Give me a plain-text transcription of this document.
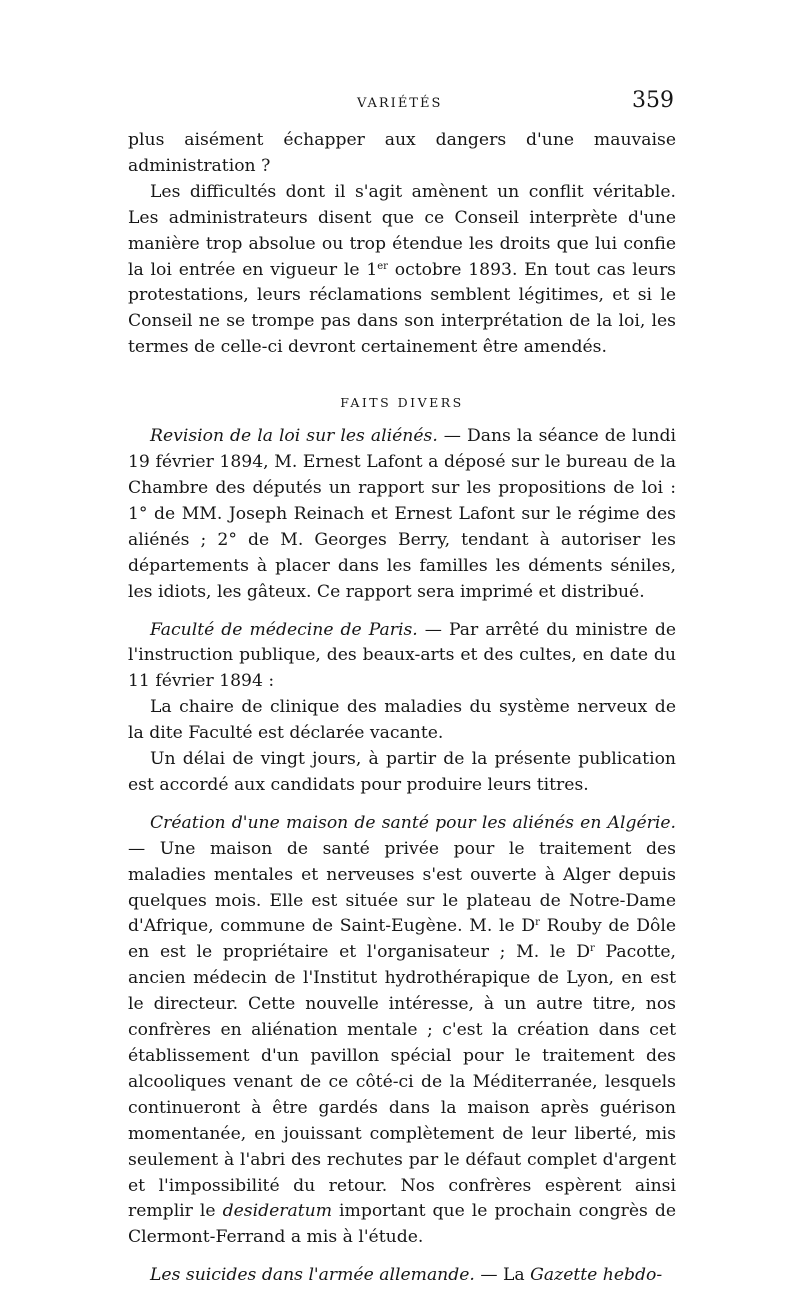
VARIÉTÉS	359

plus aisément échapper aux dangers d'une mauvaise administration ?

Les difficultés dont il s'agit amènent un conflit véritable. Les administrateurs disent que ce Conseil interprète d'une manière trop absolue ou trop étendue les droits que lui confie la loi entrée en vigueur le 1er octobre 1893. En tout cas leurs protestations, leurs réclamations semblent légitimes, et si le Conseil ne se trompe pas dans son interprétation de la loi, les termes de celle-ci devront certainement être amendés.

FAITS DIVERS

Revision de la loi sur les aliénés. — Dans la séance de lundi 19 février 1894, M. Ernest Lafont a déposé sur le bureau de la Chambre des députés un rapport sur les propositions de loi : 1° de MM. Joseph Reinach et Ernest Lafont sur le régime des aliénés ; 2° de M. Georges Berry, tendant à autoriser les départements à placer dans les familles les déments séniles, les idiots, les gâteux. Ce rapport sera imprimé et distribué.

Faculté de médecine de Paris. — Par arrêté du ministre de l'instruction publique, des beaux-arts et des cultes, en date du 11 février 1894 :

La chaire de clinique des maladies du système nerveux de la dite Faculté est déclarée vacante.

Un délai de vingt jours, à partir de la présente publication est accordé aux candidats pour produire leurs titres.

Création d'une maison de santé pour les aliénés en Algérie. — Une maison de santé privée pour le traitement des maladies mentales et nerveuses s'est ouverte à Alger depuis quelques mois. Elle est située sur le plateau de Notre-Dame d'Afrique, commune de Saint-Eugène. M. le $D^r$ Rouby de Dôle en est le propriétaire et l'organisateur ; M. le $D^r$ Pacotte, ancien médecin de l'Institut hydrothérapique de Lyon, en est le directeur. Cette nouvelle intéresse, à un autre titre, nos confrères en aliénation mentale ; c'est la création dans cet établissement d'un pavillon spécial pour le traitement des alcooliques venant de ce côté-ci de la Méditerranée, lesquels continueront à être gardés dans la maison après guérison momentanée, en jouissant complètement de leur liberté, mis seulement à l'abri des rechutes par le défaut complet d'argent et l'impossibilité du retour. Nos confrères espèrent ainsi remplir le desideratum important que le prochain congrès de Clermont-Ferrand a mis à l'étude.

Les suicides dans l'armée allemande. — La Gazette hebdo-
